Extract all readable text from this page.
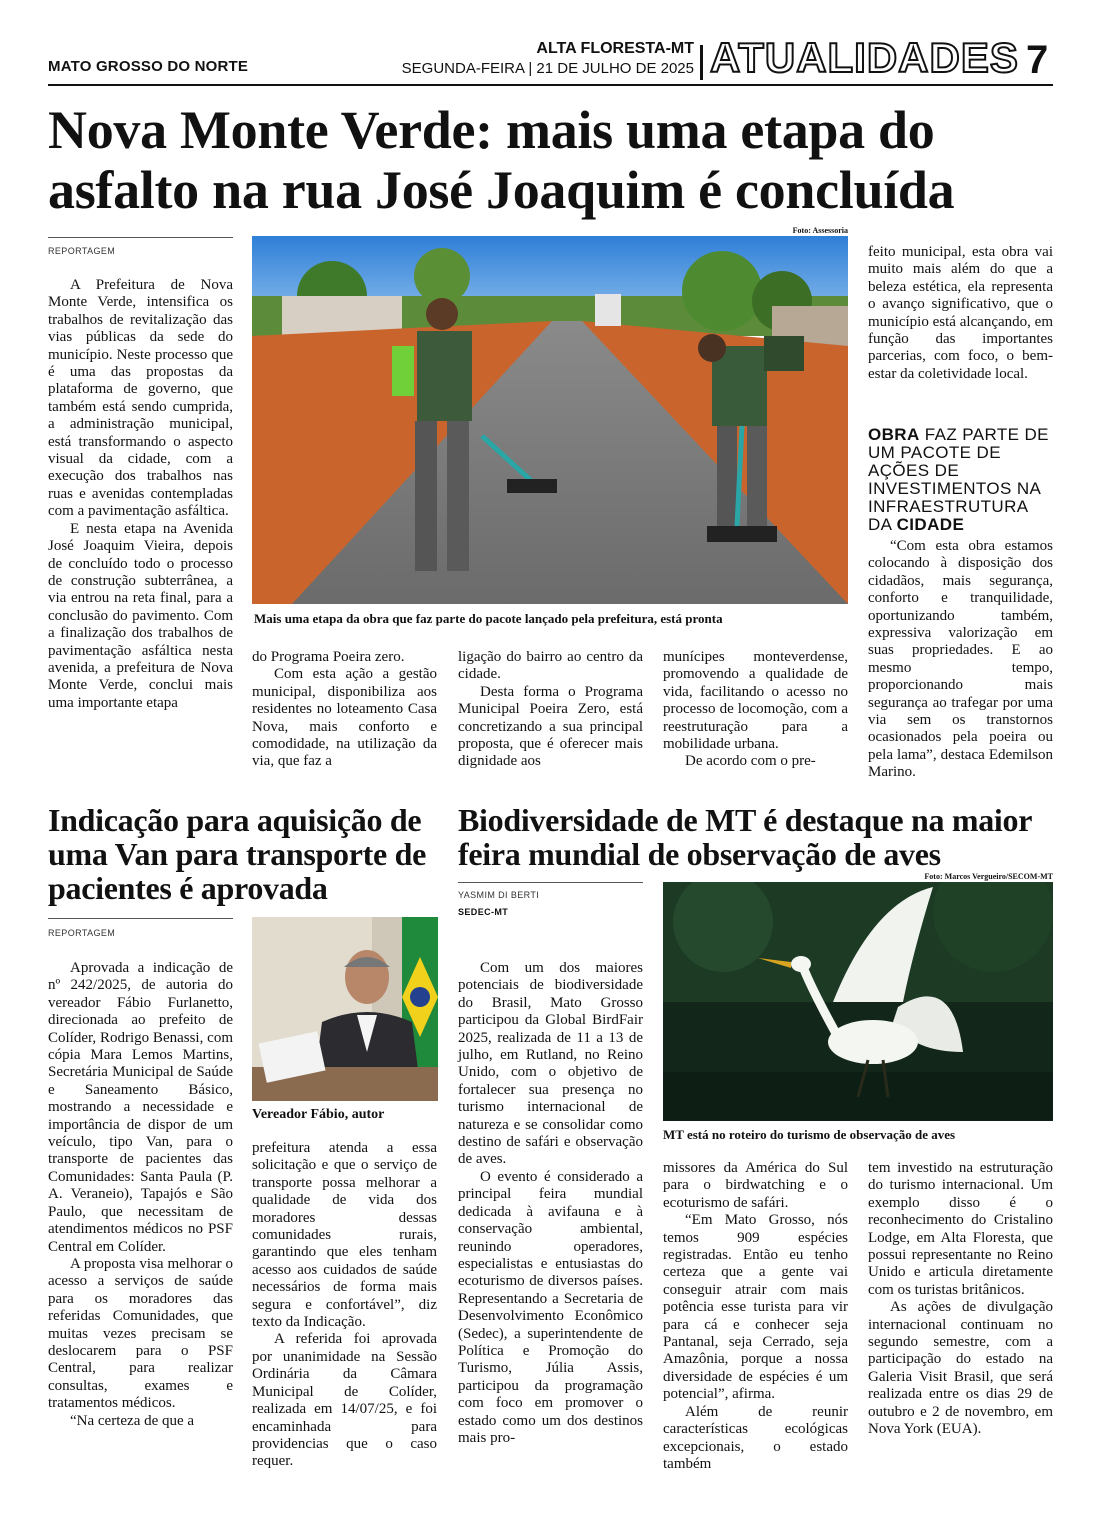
MATO GROSSO DO NORTE
ALTA FLORESTA-MT
SEGUNDA-FEIRA | 21 DE JULHO DE 2025 ATUALIDADES 7
Nova Monte Verde: mais uma etapa do asfalto na rua José Joaquim é concluída
REPORTAGEM
Foto: Assessoria
Mais uma etapa da obra que faz parte do pacote lançado pela prefeitura, está pronta

A Prefeitura de Nova Monte Verde, intensifica os trabalhos de revitalização das vias públicas da sede do município. Neste processo que é uma das propostas da plataforma de governo, que também está sendo cumprida, a administração municipal, está transformando o aspecto visual da cidade, com a execução dos trabalhos nas ruas e avenidas contempladas com a pavimentação asfáltica.

E nesta etapa na Avenida José Joaquim Vieira, depois de concluído todo o processo de construção subterrânea, a via entrou na reta final, para a conclusão do pavimento. Com a finalização dos trabalhos de pavimentação asfáltica nesta avenida, a prefeitura de Nova Monte Verde, conclui mais uma importante etapa

do Programa Poeira zero.

Com esta ação a gestão municipal, disponibiliza aos residentes no loteamento Casa Nova, mais conforto e comodidade, na utilização da via, que faz a

ligação do bairro ao centro da cidade.

Desta forma o Programa Municipal Poeira Zero, está concretizando a sua principal proposta, que é oferecer mais dignidade aos

munícipes monteverdense, promovendo a qualidade de vida, facilitando o acesso no processo de locomoção, com a reestruturação para a mobilidade urbana.

De acordo com o pre-

feito municipal, esta obra vai muito mais além do que a beleza estética, ela representa o avanço significativo, que o município está alcançando, em função das importantes parcerias, com foco, o bem-estar da coletividade local.

OBRA FAZ PARTE DE UM PACOTE DE AÇÕES DE INVESTIMENTOS NA INFRAESTRUTURA DA CIDADE

“Com esta obra estamos colocando à disposição dos cidadãos, mais segurança, conforto e tranquilidade, oportunizando também, expressiva valorização em suas propriedades. E ao mesmo tempo, proporcionando mais segurança ao trafegar por uma via sem os transtornos ocasionados pela poeira ou pela lama”, destaca Edemilson Marino.

Indicação para aquisição de uma Van para transporte de pacientes é aprovada
REPORTAGEM
Vereador Fábio, autor

Aprovada a indicação de nº 242/2025, de autoria do vereador Fábio Furlanetto, direcionada ao prefeito de Colíder, Rodrigo Benassi, com cópia Mara Lemos Martins, Secretária Municipal de Saúde e Saneamento Básico, mostrando a necessidade e importância de dispor de um veículo, tipo Van, para o transporte de pacientes das Comunidades: Santa Paula (P. A. Veraneio), Tapajós e São Paulo, que necessitam de atendimentos médicos no PSF Central em Colíder.

A proposta visa melhorar o acesso a serviços de saúde para os moradores das referidas Comunidades, que muitas vezes precisam se deslocarem para o PSF Central, para realizar consultas, exames e tratamentos médicos.

“Na certeza de que a

prefeitura atenda a essa solicitação e que o serviço de transporte possa melhorar a qualidade de vida dos moradores dessas comunidades rurais, garantindo que eles tenham acesso aos cuidados de saúde necessários de forma mais segura e confortável”, diz texto da Indicação.

A referida foi aprovada por unanimidade na Sessão Ordinária da Câmara Municipal de Colíder, realizada em 14/07/25, e foi encaminhada para providencias que o caso requer.

Biodiversidade de MT é destaque na maior feira mundial de observação de aves
YASMIM DI BERTI
SEDEC-MT
Foto: Marcos Vergueiro/SECOM-MT
MT está no roteiro do turismo de observação de aves

Com um dos maiores potenciais de biodiversidade do Brasil, Mato Grosso participou da Global BirdFair 2025, realizada de 11 a 13 de julho, em Rutland, no Reino Unido, com o objetivo de fortalecer sua presença no turismo internacional de natureza e se consolidar como destino de safári e observação de aves.

O evento é considerado a principal feira mundial dedicada à avifauna e à conservação ambiental, reunindo operadores, especialistas e entusiastas do ecoturismo de diversos países. Representando a Secretaria de Desenvolvimento Econômico (Sedec), a superintendente de Política e Promoção do Turismo, Júlia Assis, participou da programação com foco em promover o estado como um dos destinos mais pro-

missores da América do Sul para o birdwatching e o ecoturismo de safári.

“Em Mato Grosso, nós temos 909 espécies registradas. Então eu tenho certeza que a gente vai conseguir atrair com mais potência esse turista para vir para cá e conhecer seja Pantanal, seja Cerrado, seja Amazônia, porque a nossa diversidade de espécies é um potencial”, afirma.

Além de reunir características ecológicas excepcionais, o estado também

tem investido na estruturação do turismo internacional. Um exemplo disso é o reconhecimento do Cristalino Lodge, em Alta Floresta, que possui representante no Reino Unido e articula diretamente com os turistas britânicos.

As ações de divulgação internacional continuam no segundo semestre, com a participação do estado na Galeria Visit Brasil, que será realizada entre os dias 29 de outubro e 2 de novembro, em Nova York (EUA).
